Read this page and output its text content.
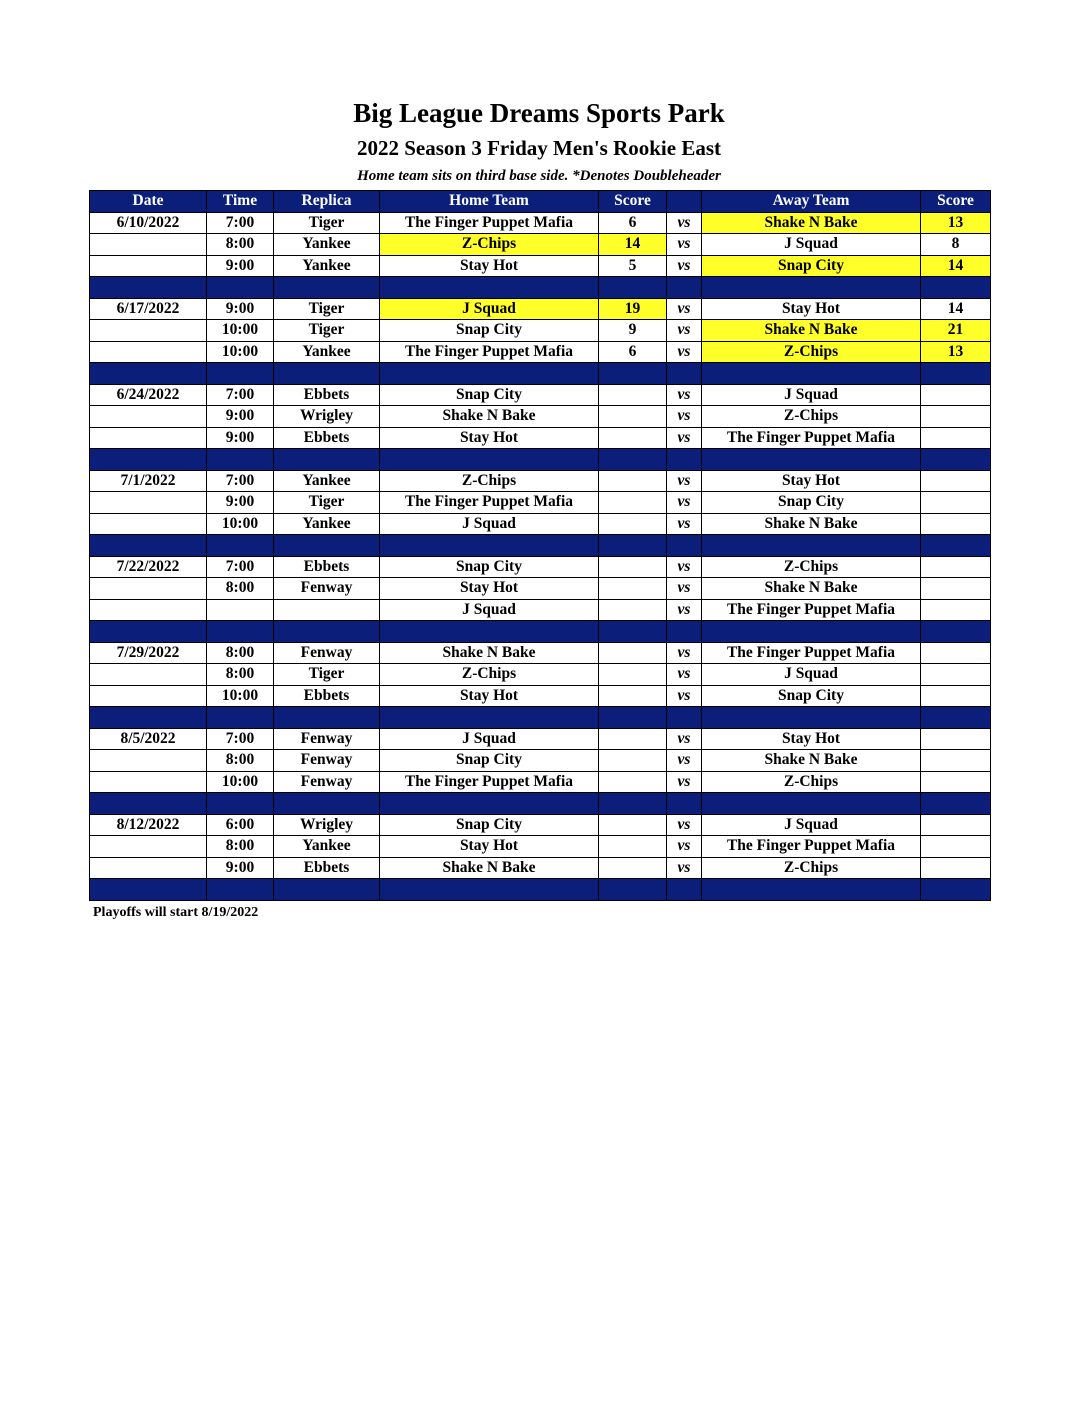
Big League Dreams Sports Park
2022 Season 3 Friday Men's Rookie East
Home team sits on third base side. *Denotes Doubleheader
Date	Time	Replica	Home Team	Score		Away Team	Score
6/10/2022	7:00	Tiger	The Finger Puppet Mafia	6	vs	Shake N Bake	13
	8:00	Yankee	Z-Chips	14	vs	J Squad	8
	9:00	Yankee	Stay Hot	5	vs	Snap City	14

6/17/2022	9:00	Tiger	J Squad	19	vs	Stay Hot	14
	10:00	Tiger	Snap City	9	vs	Shake N Bake	21
	10:00	Yankee	The Finger Puppet Mafia	6	vs	Z-Chips	13

6/24/2022	7:00	Ebbets	Snap City		vs	J Squad	
	9:00	Wrigley	Shake N Bake		vs	Z-Chips	
	9:00	Ebbets	Stay Hot		vs	The Finger Puppet Mafia	

7/1/2022	7:00	Yankee	Z-Chips		vs	Stay Hot	
	9:00	Tiger	The Finger Puppet Mafia		vs	Snap City	
	10:00	Yankee	J Squad		vs	Shake N Bake	

7/22/2022	7:00	Ebbets	Snap City		vs	Z-Chips	
	8:00	Fenway	Stay Hot		vs	Shake N Bake	
			J Squad		vs	The Finger Puppet Mafia	

7/29/2022	8:00	Fenway	Shake N Bake		vs	The Finger Puppet Mafia	
	8:00	Tiger	Z-Chips		vs	J Squad	
	10:00	Ebbets	Stay Hot		vs	Snap City	

8/5/2022	7:00	Fenway	J Squad		vs	Stay Hot	
	8:00	Fenway	Snap City		vs	Shake N Bake	
	10:00	Fenway	The Finger Puppet Mafia		vs	Z-Chips	

8/12/2022	6:00	Wrigley	Snap City		vs	J Squad	
	8:00	Yankee	Stay Hot		vs	The Finger Puppet Mafia	
	9:00	Ebbets	Shake N Bake		vs	Z-Chips	

Playoffs will start 8/19/2022
